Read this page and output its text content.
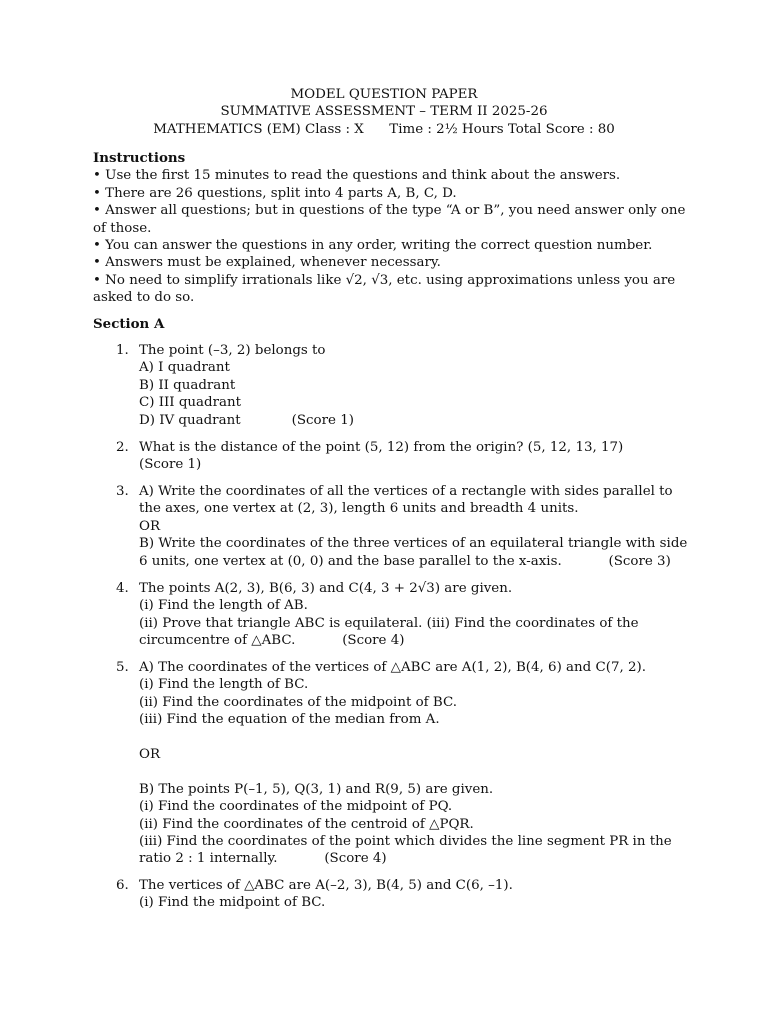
MODEL QUESTION PAPER
SUMMATIVE ASSESSMENT – TERM II 2025-26
MATHEMATICS (EM) Class : X      Time : 2½ Hours Total Score : 80
Instructions
• Use the first 15 minutes to read the questions and think about the answers.
• There are 26 questions, split into 4 parts A, B, C, D.
• Answer all questions; but in questions of the type “A or B”, you need answer only one
of those.
• You can answer the questions in any order, writing the correct question number.
• Answers must be explained, whenever necessary.
• No need to simplify irrationals like √2, √3, etc. using approximations unless you are
asked to do so.
Section A
1. The point (–3, 2) belongs to
A) I quadrant
B) II quadrant
C) III quadrant
D) IV quadrant            (Score 1)
2. What is the distance of the point (5, 12) from the origin? (5, 12, 13, 17)
(Score 1)
3. A) Write the coordinates of all the vertices of a rectangle with sides parallel to
the axes, one vertex at (2, 3), length 6 units and breadth 4 units.
OR
B) Write the coordinates of the three vertices of an equilateral triangle with side
6 units, one vertex at (0, 0) and the base parallel to the x-axis.           (Score 3)
4. The points A(2, 3), B(6, 3) and C(4, 3 + 2√3) are given.
(i) Find the length of AB.
(ii) Prove that triangle ABC is equilateral. (iii) Find the coordinates of the
circumcentre of △ABC.           (Score 4)
5. A) The coordinates of the vertices of △ABC are A(1, 2), B(4, 6) and C(7, 2).
(i) Find the length of BC.
(ii) Find the coordinates of the midpoint of BC.
(iii) Find the equation of the median from A.
OR
B) The points P(–1, 5), Q(3, 1) and R(9, 5) are given.
(i) Find the coordinates of the midpoint of PQ.
(ii) Find the coordinates of the centroid of △PQR.
(iii) Find the coordinates of the point which divides the line segment PR in the
ratio 2 : 1 internally.           (Score 4)
6. The vertices of △ABC are A(–2, 3), B(4, 5) and C(6, –1).
(i) Find the midpoint of BC.
